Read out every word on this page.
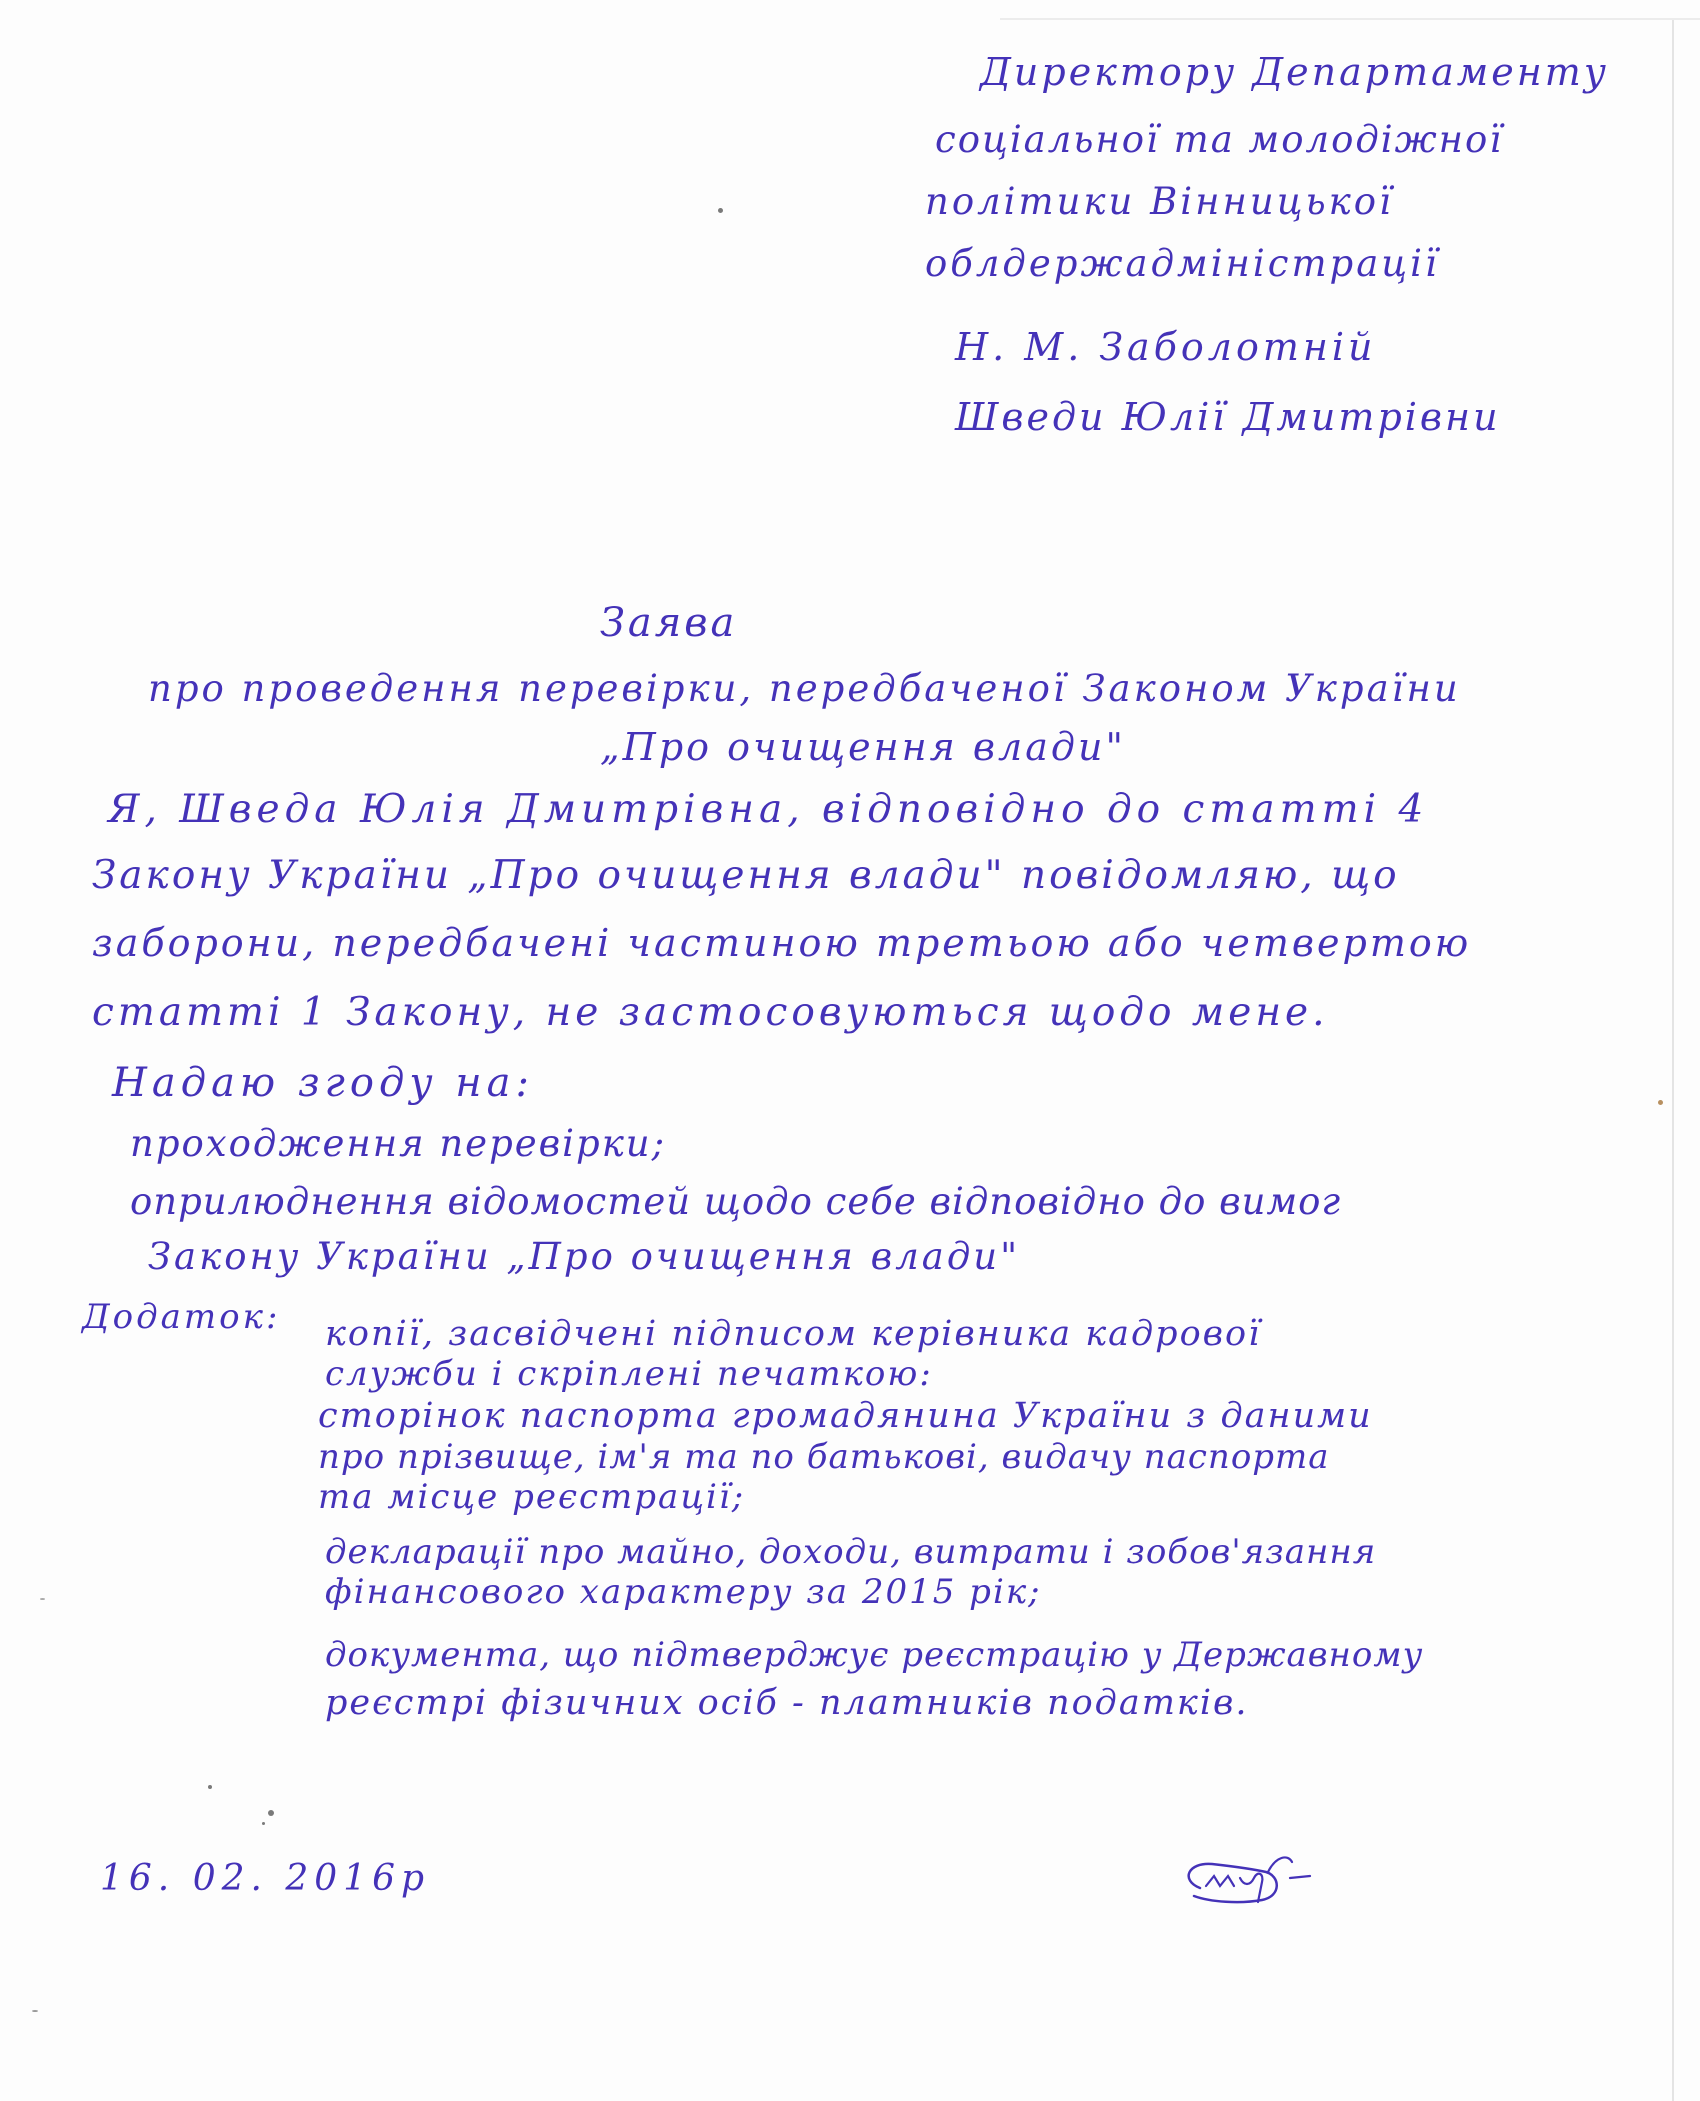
Директору Департаменту
соціальної та молодіжної
політики Вінницької
облдержадміністрації
Н. М. Заболотній
Шведи Юлії Дмитрівни
Заява
про проведення перевірки, передбаченої Законом України
„Про очищення влади"
Я, Шведа Юлія Дмитрівна, відповідно до статті 4
Закону України „Про очищення влади" повідомляю, що
заборони, передбачені частиною третьою або четвертою
статті 1 Закону, не застосовуються щодо мене.
Надаю згоду на:
проходження перевірки;
оприлюднення відомостей щодо себе відповідно до вимог
Закону України „Про очищення влади"
Додаток: копії, засвідчені підписом керівника кадрової
служби і скріплені печаткою:
сторінок паспорта громадянина України з даними
про прізвище, ім'я та по батькові, видачу паспорта
та місце реєстрації;
декларації про майно, доходи, витрати і зобов'язання
фінансового характеру за 2015 рік;
документа, що підтверджує реєстрацію у Державному
реєстрі фізичних осіб - платників податків.
16. 02. 2016р
